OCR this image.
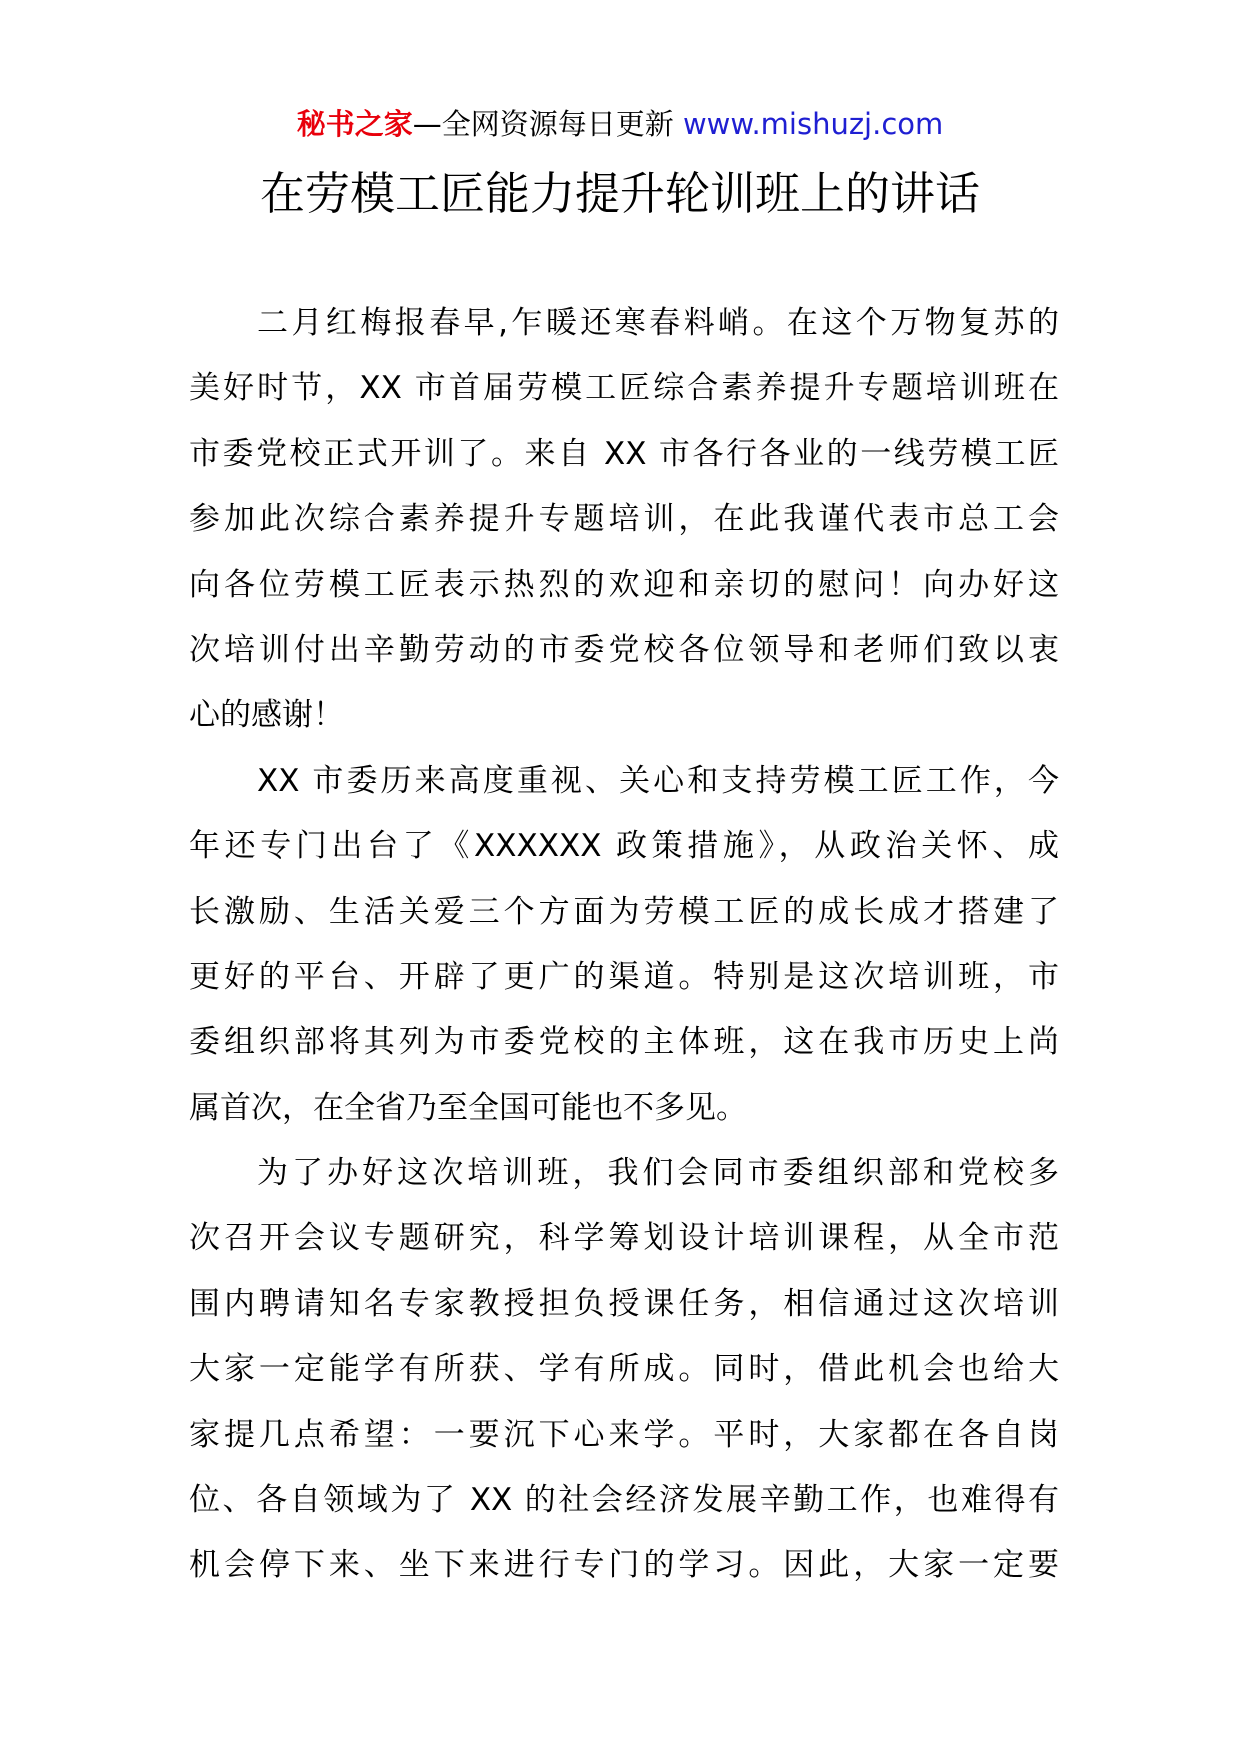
秘书之家—全网资源每日更新 www.mishuzj.com
在劳模工匠能力提升轮训班上的讲话
二月红梅报春早,乍暖还寒春料峭。在这个万物复苏的
美好时节，XX 市首届劳模工匠综合素养提升专题培训班在
市委党校正式开训了。来自 XX 市各行各业的一线劳模工匠
参加此次综合素养提升专题培训，在此我谨代表市总工会
向各位劳模工匠表示热烈的欢迎和亲切的慰问！向办好这
次培训付出辛勤劳动的市委党校各位领导和老师们致以衷
心的感谢！
XX 市委历来高度重视、关心和支持劳模工匠工作，今
年还专门出台了《XXXXXX 政策措施》，从政治关怀、成
长激励、生活关爱三个方面为劳模工匠的成长成才搭建了
更好的平台、开辟了更广的渠道。特别是这次培训班，市
委组织部将其列为市委党校的主体班，这在我市历史上尚
属首次，在全省乃至全国可能也不多见。
为了办好这次培训班，我们会同市委组织部和党校多
次召开会议专题研究，科学筹划设计培训课程，从全市范
围内聘请知名专家教授担负授课任务，相信通过这次培训
大家一定能学有所获、学有所成。同时，借此机会也给大
家提几点希望：一要沉下心来学。平时，大家都在各自岗
位、各自领域为了 XX 的社会经济发展辛勤工作，也难得有
机会停下来、坐下来进行专门的学习。因此，大家一定要
